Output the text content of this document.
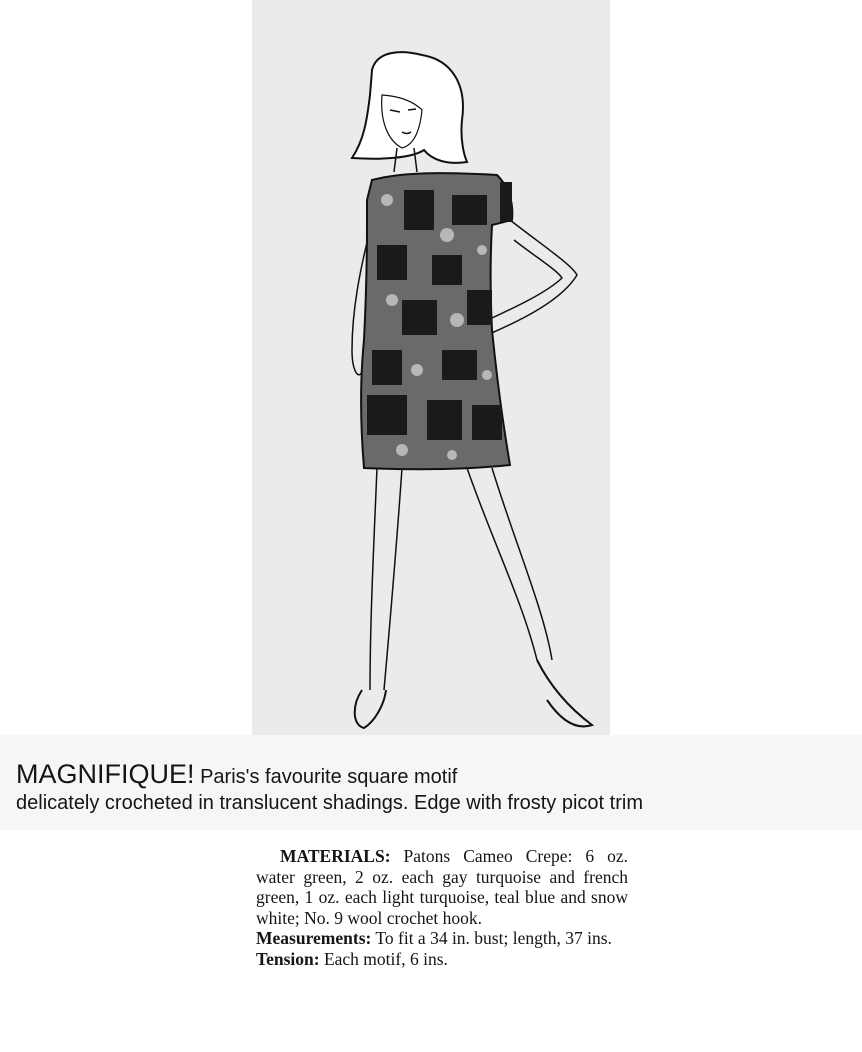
MAGNIFIQUE! Paris's favourite square motif
delicately crocheted in translucent shadings. Edge with frosty picot trim

MATERIALS: Patons Cameo Crepe: 6 oz. water green, 2 oz. each gay turquoise and french green, 1 oz. each light turquoise, teal blue and snow white; No. 9 wool crochet hook.

Measurements: To fit a 34 in. bust; length, 37 ins.

Tension: Each motif, 6 ins.
